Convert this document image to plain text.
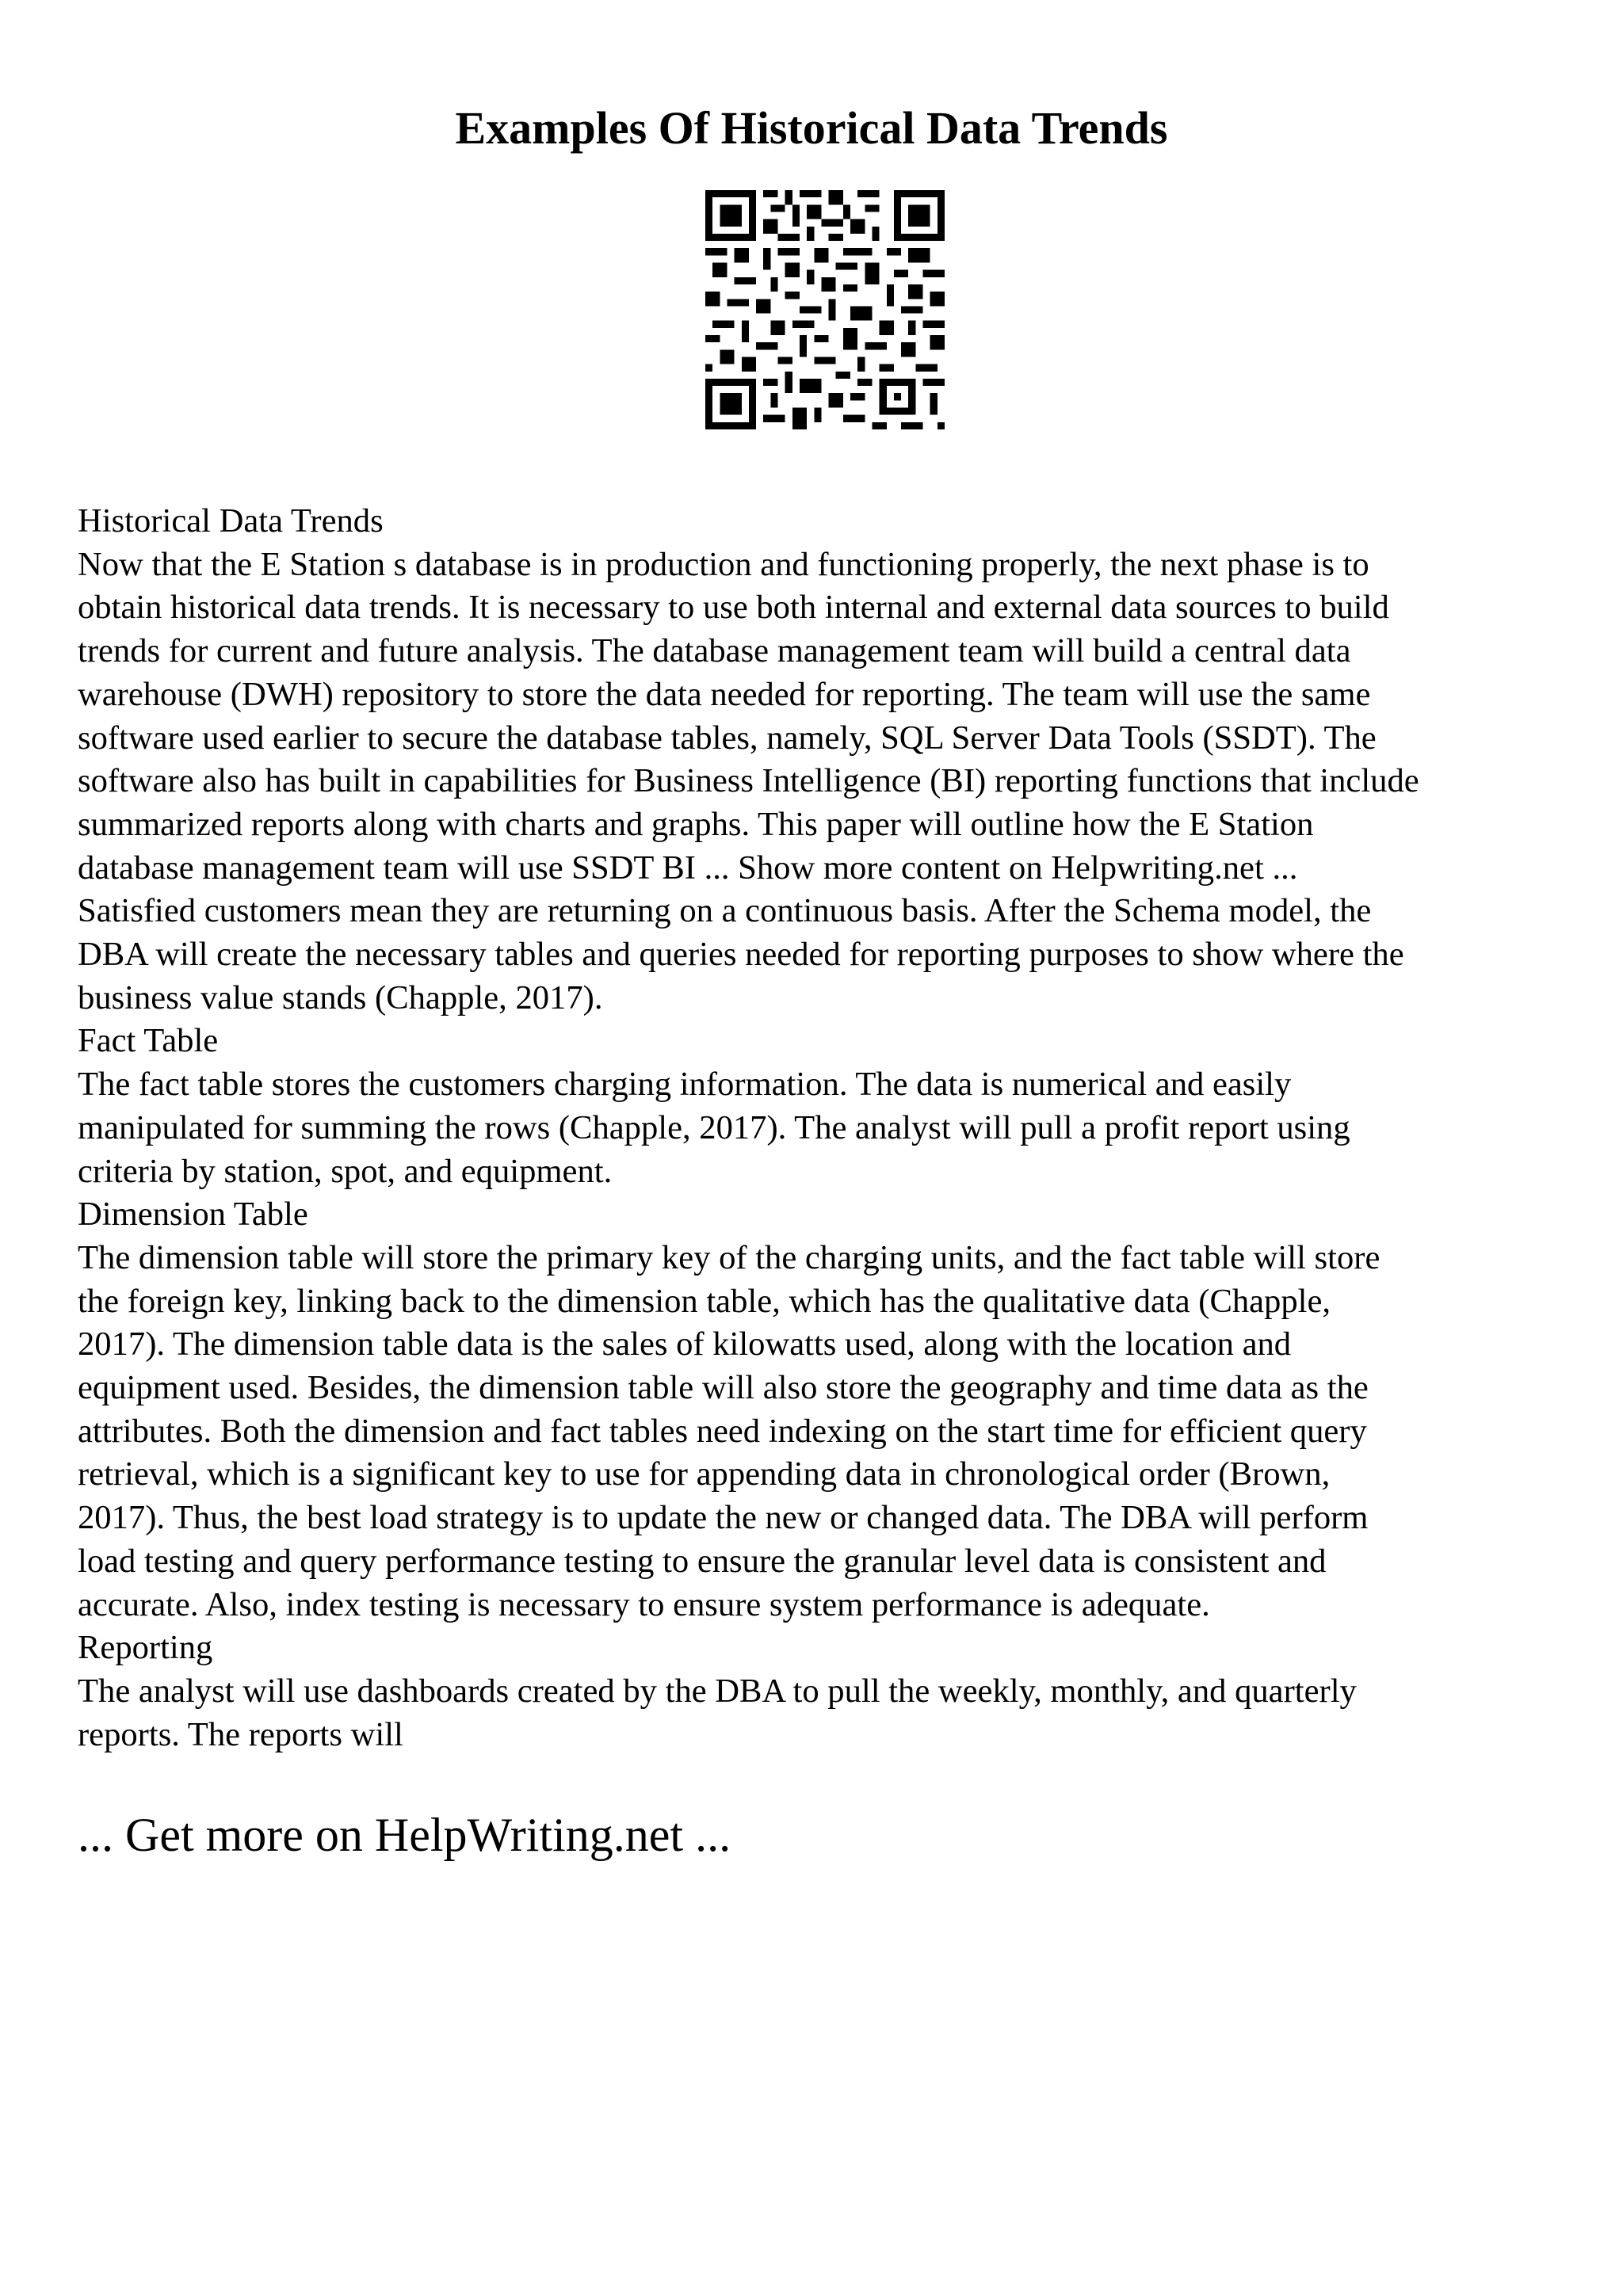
Examples Of Historical Data Trends
Historical Data Trends
Now that the E Station s database is in production and functioning properly, the next phase is to
obtain historical data trends. It is necessary to use both internal and external data sources to build
trends for current and future analysis. The database management team will build a central data
warehouse (DWH) repository to store the data needed for reporting. The team will use the same
software used earlier to secure the database tables, namely, SQL Server Data Tools (SSDT). The
software also has built in capabilities for Business Intelligence (BI) reporting functions that include
summarized reports along with charts and graphs. This paper will outline how the E Station
database management team will use SSDT BI ... Show more content on Helpwriting.net ...
Satisfied customers mean they are returning on a continuous basis. After the Schema model, the
DBA will create the necessary tables and queries needed for reporting purposes to show where the
business value stands (Chapple, 2017).
Fact Table
The fact table stores the customers charging information. The data is numerical and easily
manipulated for summing the rows (Chapple, 2017). The analyst will pull a profit report using
criteria by station, spot, and equipment.
Dimension Table
The dimension table will store the primary key of the charging units, and the fact table will store
the foreign key, linking back to the dimension table, which has the qualitative data (Chapple,
2017). The dimension table data is the sales of kilowatts used, along with the location and
equipment used. Besides, the dimension table will also store the geography and time data as the
attributes. Both the dimension and fact tables need indexing on the start time for efficient query
retrieval, which is a significant key to use for appending data in chronological order (Brown,
2017). Thus, the best load strategy is to update the new or changed data. The DBA will perform
load testing and query performance testing to ensure the granular level data is consistent and
accurate. Also, index testing is necessary to ensure system performance is adequate.
Reporting
The analyst will use dashboards created by the DBA to pull the weekly, monthly, and quarterly
reports. The reports will
... Get more on HelpWriting.net ...
